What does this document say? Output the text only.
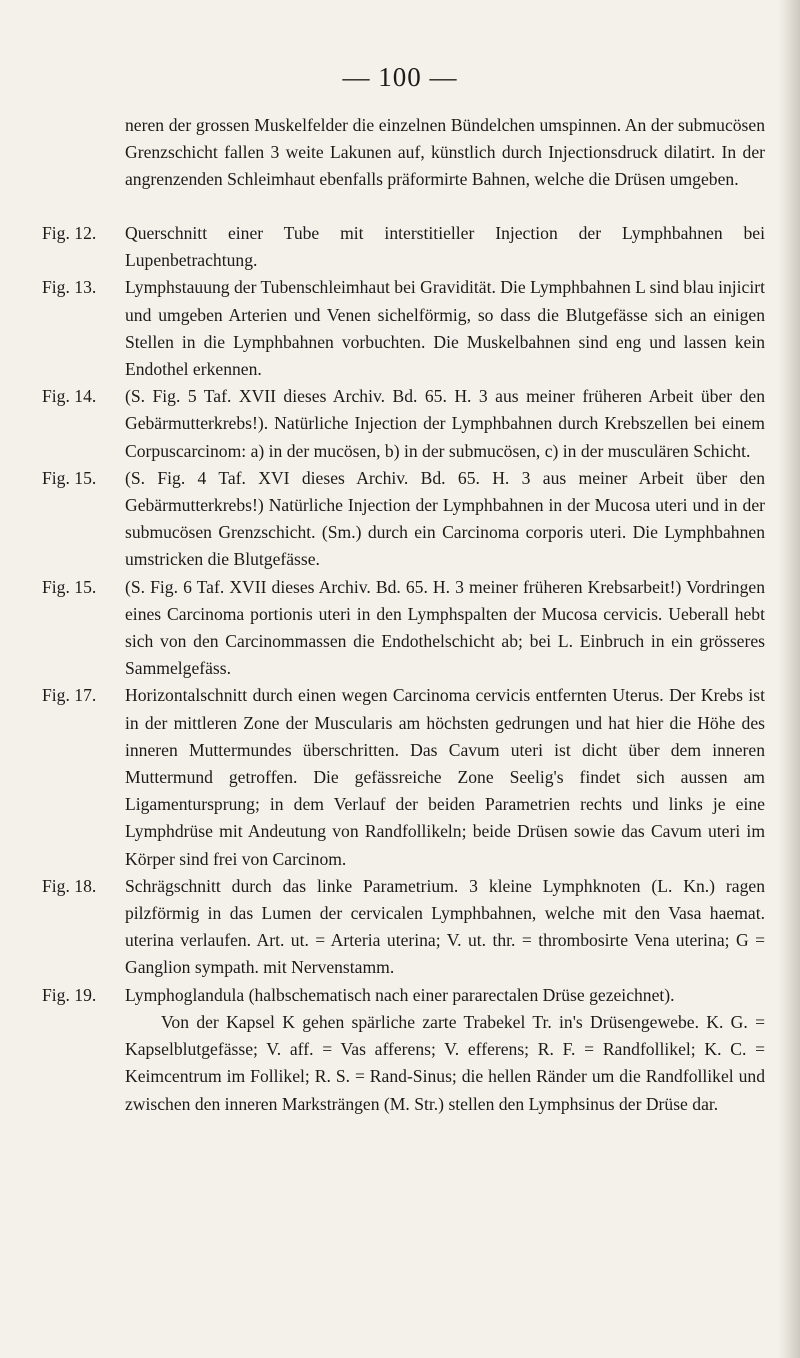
— 100 —

neren der grossen Muskelfelder die einzelnen Bündelchen umspinnen. An der submucösen Grenzschicht fallen 3 weite Lakunen auf, künstlich durch Injectionsdruck dilatirt. In der angrenzenden Schleimhaut ebenfalls präformirte Bahnen, welche die Drüsen umgeben.

Fig. 12.	Querschnitt einer Tube mit interstitieller Injection der Lymphbahnen bei Lupenbetrachtung.

Fig. 13.	Lymphstauung der Tubenschleimhaut bei Gravidität. Die Lymphbahnen L sind blau injicirt und umgeben Arterien und Venen sichelförmig, so dass die Blutgefässe sich an einigen Stellen in die Lymphbahnen vorbuchten. Die Muskelbahnen sind eng und lassen kein Endothel erkennen.

Fig. 14.	(S. Fig. 5 Taf. XVII dieses Archiv. Bd. 65. H. 3 aus meiner früheren Arbeit über den Gebärmutterkrebs!). Natürliche Injection der Lymphbahnen durch Krebszellen bei einem Corpuscarcinom: a) in der mucösen, b) in der submucösen, c) in der musculären Schicht.

Fig. 15.	(S. Fig. 4 Taf. XVI dieses Archiv. Bd. 65. H. 3 aus meiner Arbeit über den Gebärmutterkrebs!) Natürliche Injection der Lymphbahnen in der Mucosa uteri und in der submucösen Grenzschicht. (Sm.) durch ein Carcinoma corporis uteri. Die Lymphbahnen umstricken die Blutgefässe.

Fig. 15.	(S. Fig. 6 Taf. XVII dieses Archiv. Bd. 65. H. 3 meiner früheren Krebsarbeit!) Vordringen eines Carcinoma portionis uteri in den Lymphspalten der Mucosa cervicis. Ueberall hebt sich von den Carcinommassen die Endothelschicht ab; bei L. Einbruch in ein grösseres Sammelgefäss.

Fig. 17.	Horizontalschnitt durch einen wegen Carcinoma cervicis entfernten Uterus. Der Krebs ist in der mittleren Zone der Muscularis am höchsten gedrungen und hat hier die Höhe des inneren Muttermundes überschritten. Das Cavum uteri ist dicht über dem inneren Muttermund getroffen. Die gefässreiche Zone Seelig's findet sich aussen am Ligamentursprung; in dem Verlauf der beiden Parametrien rechts und links je eine Lymphdrüse mit Andeutung von Randfollikeln; beide Drüsen sowie das Cavum uteri im Körper sind frei von Carcinom.

Fig. 18.	Schrägschnitt durch das linke Parametrium. 3 kleine Lymphknoten (L. Kn.) ragen pilzförmig in das Lumen der cervicalen Lymphbahnen, welche mit den Vasa haemat. uterina verlaufen. Art. ut. = Arteria uterina; V. ut. thr. = thrombosirte Vena uterina; G = Ganglion sympath. mit Nervenstamm.

Fig. 19.	Lymphoglandula (halbschematisch nach einer pararectalen Drüse gezeichnet).

Von der Kapsel K gehen spärliche zarte Trabekel Tr. in's Drüsengewebe. K. G. = Kapselblutgefässe; V. aff. = Vas afferens; V. efferens; R. F. = Randfollikel; K. C. = Keimcentrum im Follikel; R. S. = Rand-Sinus; die hellen Ränder um die Randfollikel und zwischen den inneren Marksträngen (M. Str.) stellen den Lymphsinus der Drüse dar.
